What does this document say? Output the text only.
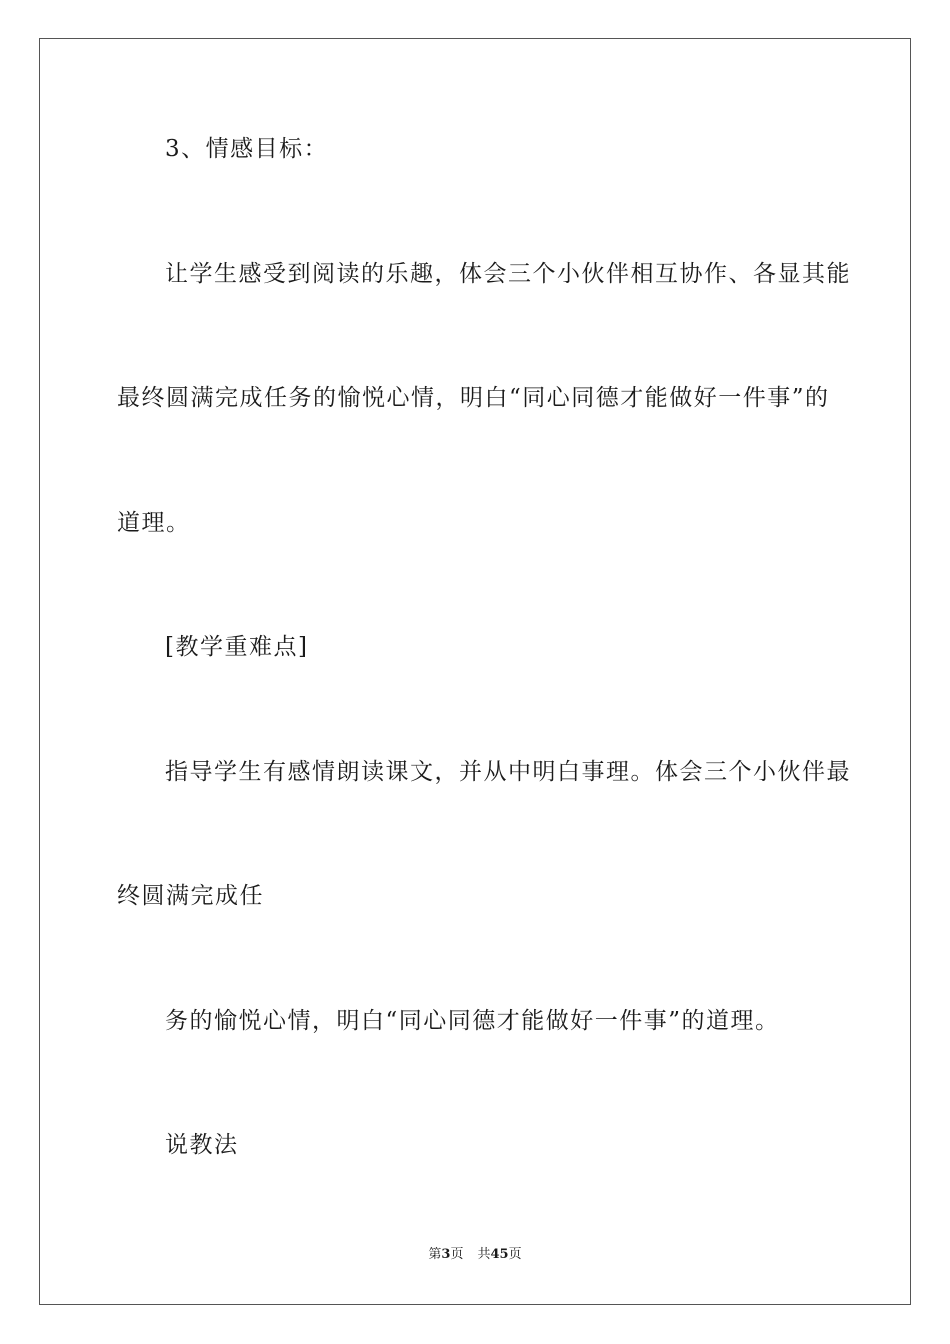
3、情感目标：
让学生感受到阅读的乐趣，体会三个小伙伴相互协作、各显其能
最终圆满完成任务的愉悦心情，明白“同心同德才能做好一件事”的
道理。
[教学重难点]
指导学生有感情朗读课文，并从中明白事理。体会三个小伙伴最
终圆满完成任
务的愉悦心情，明白“同心同德才能做好一件事”的道理。
说教法
第3页 共45页
